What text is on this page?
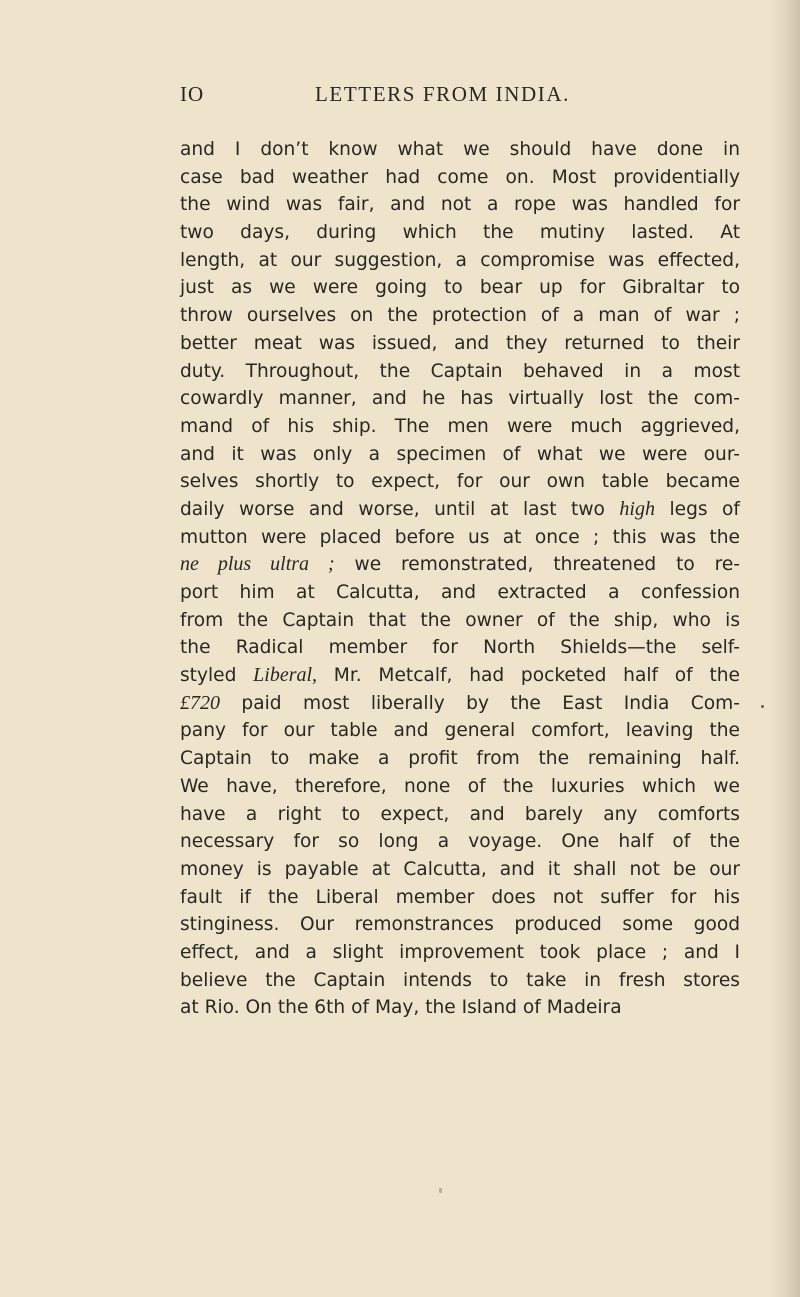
IO	LETTERS FROM INDIA.
and I don’t know what we should have done in
case bad weather had come on. Most providentially
the wind was fair, and not a rope was handled for
two days, during which the mutiny lasted. At
length, at our suggestion, a compromise was effected,
just as we were going to bear up for Gibraltar to
throw ourselves on the protection of a man of war ;
better meat was issued, and they returned to their
duty. Throughout, the Captain behaved in a most
cowardly manner, and he has virtually lost the com-
mand of his ship. The men were much aggrieved,
and it was only a specimen of what we were our-
selves shortly to expect, for our own table became
daily worse and worse, until at last two high legs of
mutton were placed before us at once ; this was the
ne plus ultra ; we remonstrated, threatened to re-
port him at Calcutta, and extracted a confession
from the Captain that the owner of the ship, who is
the Radical member for North Shields—the self-
styled Liberal, Mr. Metcalf, had pocketed half of the
£720 paid most liberally by the East India Com-
pany for our table and general comfort, leaving the
Captain to make a profit from the remaining half.
We have, therefore, none of the luxuries which we
have a right to expect, and barely any comforts
necessary for so long a voyage. One half of the
money is payable at Calcutta, and it shall not be our
fault if the Liberal member does not suffer for his
stinginess. Our remonstrances produced some good
effect, and a slight improvement took place ; and I
believe the Captain intends to take in fresh stores
at Rio. On the 6th of May, the Island of Madeira
